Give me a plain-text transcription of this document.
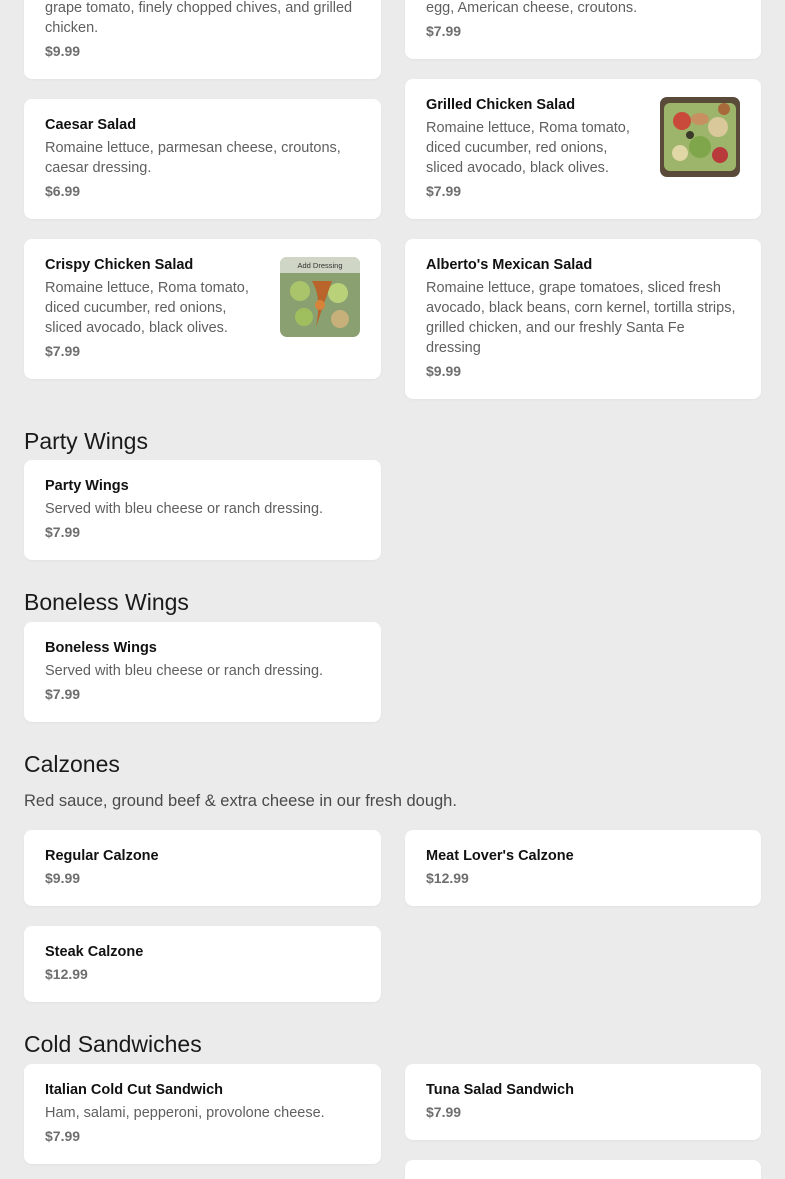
grape tomato, finely chopped chives, and grilled chicken.
$9.99
egg, American cheese, croutons.
$7.99
Caesar Salad
Romaine lettuce, parmesan cheese, croutons, caesar dressing.
$6.99
Grilled Chicken Salad
Romaine lettuce, Roma tomato, diced cucumber, red onions, sliced avocado, black olives.
$7.99
Crispy Chicken Salad
Romaine lettuce, Roma tomato, diced cucumber, red onions, sliced avocado, black olives.
$7.99
Add Dressing	Alberto's Mexican Salad
Romaine lettuce, grape tomatoes, sliced fresh avocado, black beans, corn kernel, tortilla strips, grilled chicken, and our freshly Santa Fe dressing
$9.99
Party Wings
Party Wings
Served with bleu cheese or ranch dressing.
$7.99
Boneless Wings
Boneless Wings
Served with bleu cheese or ranch dressing.
$7.99
Calzones

Red sauce, ground beef & extra cheese in our fresh dough.

Regular Calzone
$9.99
Meat Lover's Calzone
$12.99
Steak Calzone
$12.99
Cold Sandwiches
Italian Cold Cut Sandwich
Ham, salami, pepperoni, provolone cheese.
$7.99
Tuna Salad Sandwich
$7.99
